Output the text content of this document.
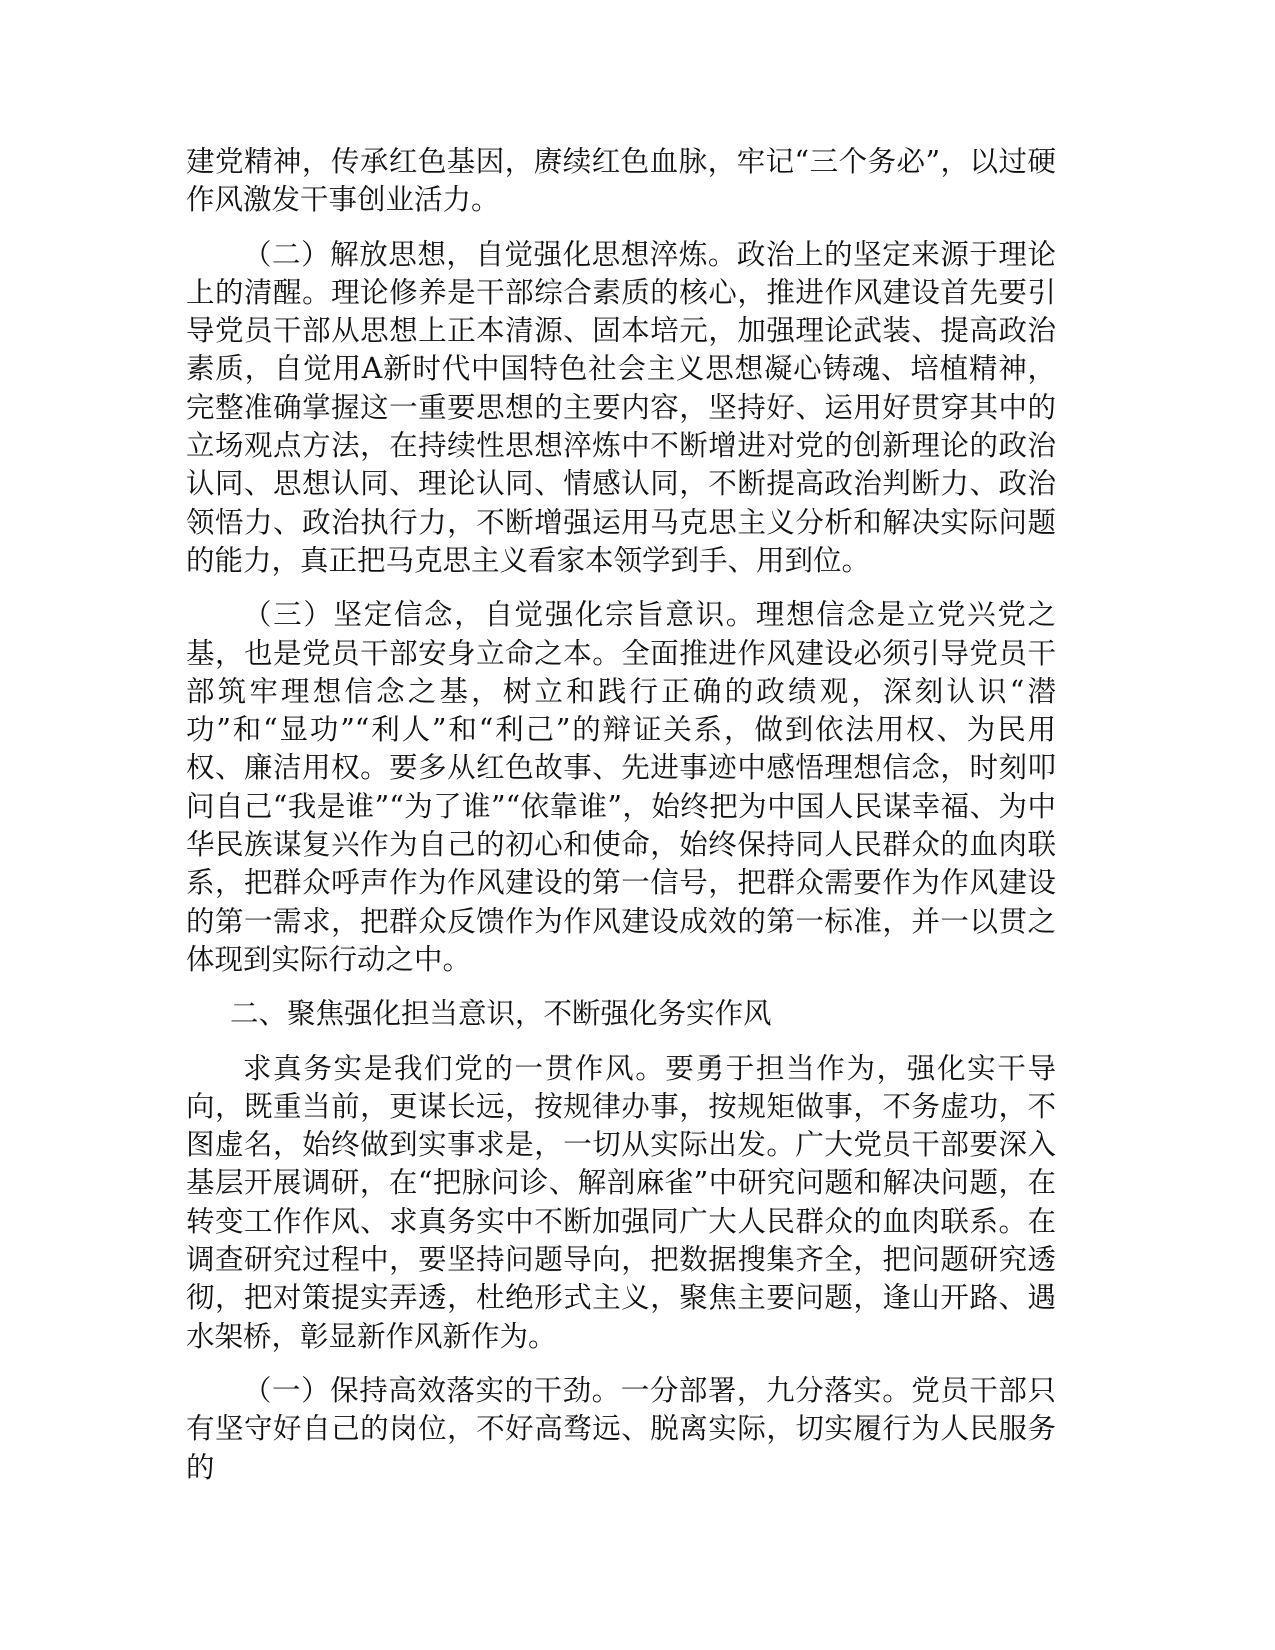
建党精神，传承红色基因，赓续红色血脉，牢记“三个务必”，以过硬作风激发干事创业活力。

（二）解放思想，自觉强化思想淬炼。政治上的坚定来源于理论上的清醒。理论修养是干部综合素质的核心，推进作风建设首先要引导党员干部从思想上正本清源、固本培元，加强理论武装、提高政治素质，自觉用A新时代中国特色社会主义思想凝心铸魂、培植精神，完整准确掌握这一重要思想的主要内容，坚持好、运用好贯穿其中的立场观点方法，在持续性思想淬炼中不断增进对党的创新理论的政治认同、思想认同、理论认同、情感认同，不断提高政治判断力、政治领悟力、政治执行力，不断增强运用马克思主义分析和解决实际问题的能力，真正把马克思主义看家本领学到手、用到位。

（三）坚定信念，自觉强化宗旨意识。理想信念是立党兴党之基，也是党员干部安身立命之本。全面推进作风建设必须引导党员干部筑牢理想信念之基，树立和践行正确的政绩观，深刻认识“潜功”和“显功”“利人”和“利己”的辩证关系，做到依法用权、为民用权、廉洁用权。要多从红色故事、先进事迹中感悟理想信念，时刻叩问自己“我是谁”“为了谁”“依靠谁”，始终把为中国人民谋幸福、为中华民族谋复兴作为自己的初心和使命，始终保持同人民群众的血肉联系，把群众呼声作为作风建设的第一信号，把群众需要作为作风建设的第一需求，把群众反馈作为作风建设成效的第一标准，并一以贯之体现到实际行动之中。

二、聚焦强化担当意识，不断强化务实作风

求真务实是我们党的一贯作风。要勇于担当作为，强化实干导向，既重当前，更谋长远，按规律办事，按规矩做事，不务虚功，不图虚名，始终做到实事求是，一切从实际出发。广大党员干部要深入基层开展调研，在“把脉问诊、解剖麻雀”中研究问题和解决问题，在转变工作作风、求真务实中不断加强同广大人民群众的血肉联系。在调查研究过程中，要坚持问题导向，把数据搜集齐全，把问题研究透彻，把对策提实弄透，杜绝形式主义，聚焦主要问题，逢山开路、遇水架桥，彰显新作风新作为。

（一）保持高效落实的干劲。一分部署，九分落实。党员干部只有坚守好自己的岗位，不好高骛远、脱离实际，切实履行为人民服务的
